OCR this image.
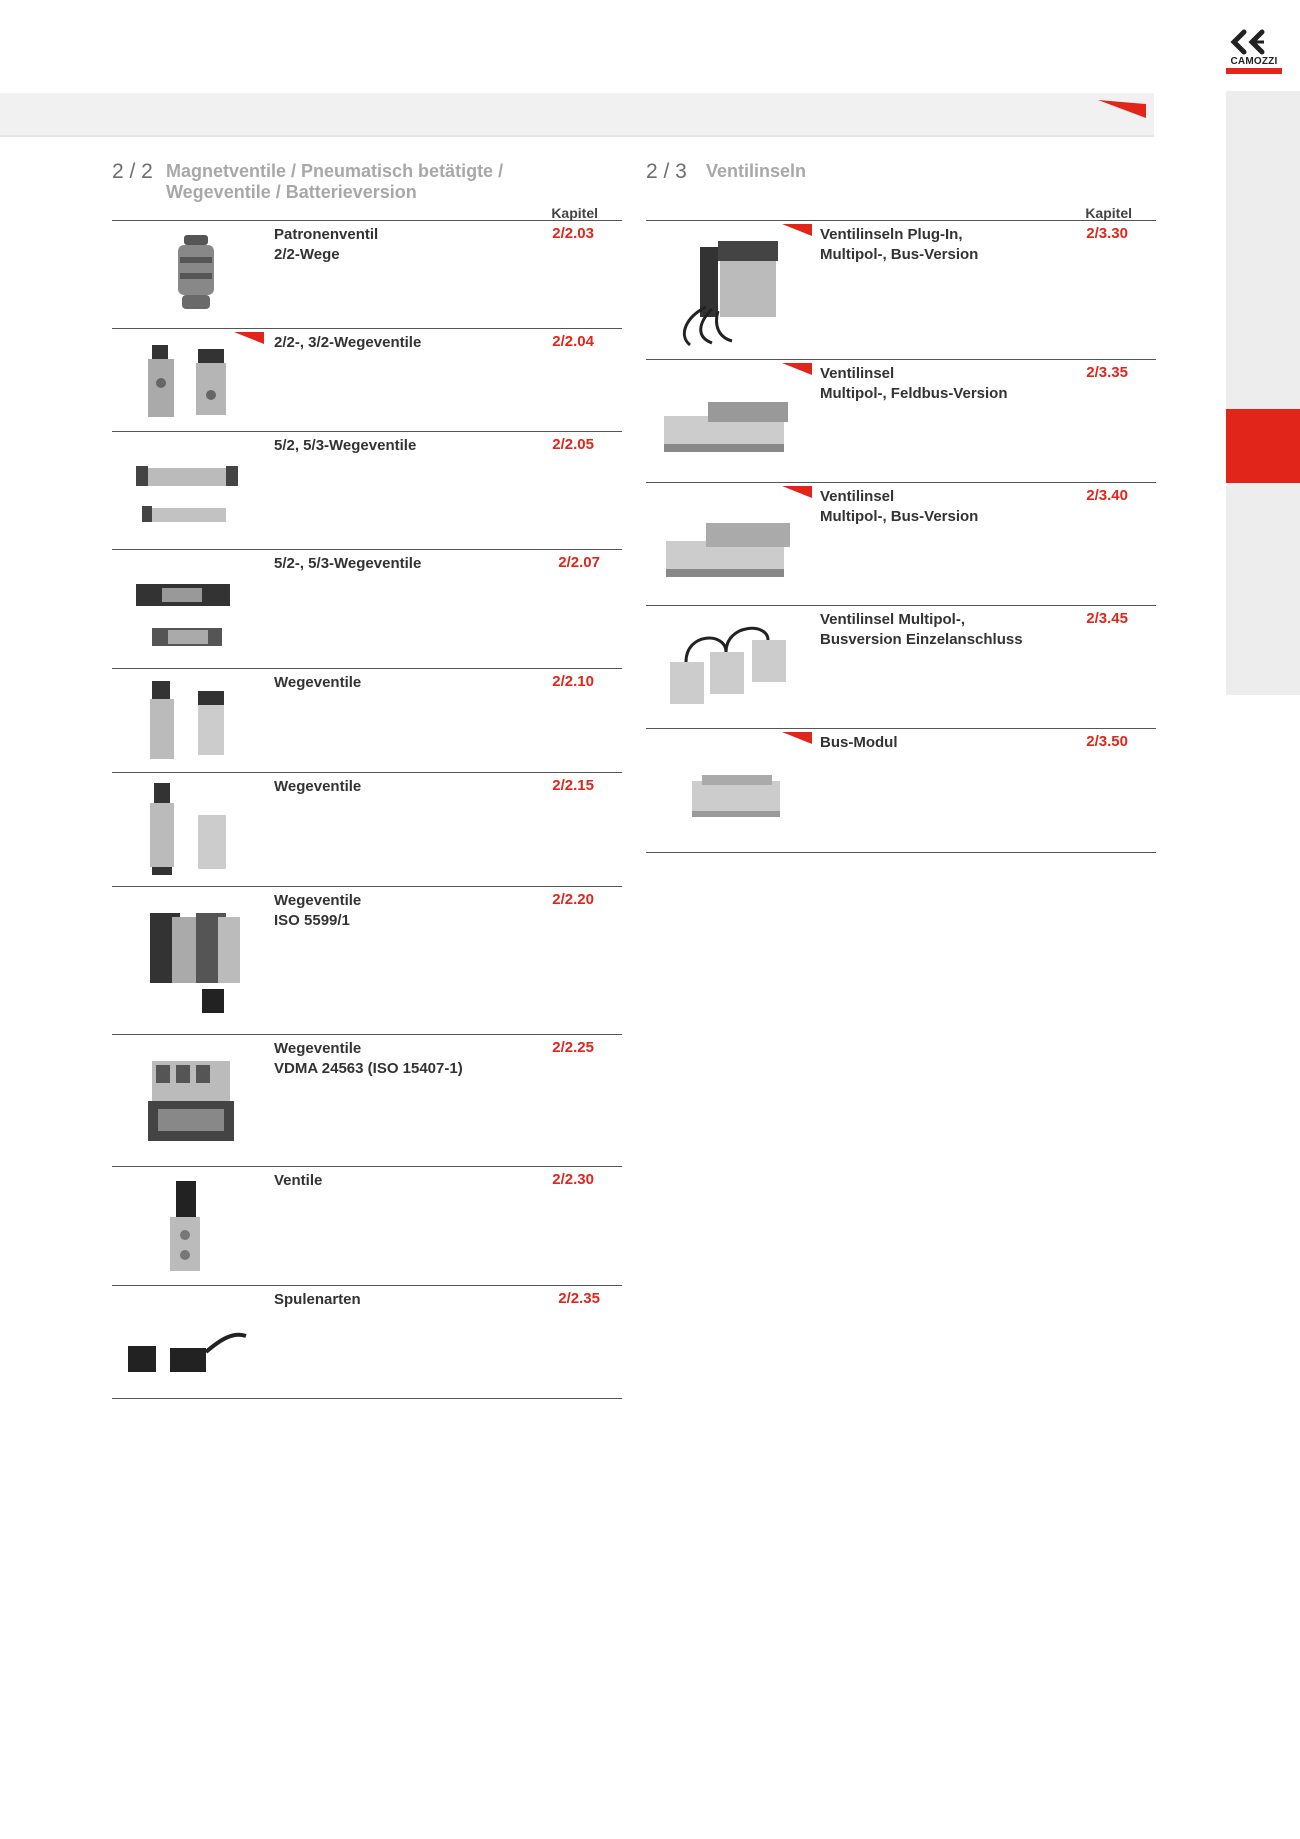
CAMOZZI
2 / 2 Magnetventile / Pneumatisch betätigte /
Wegeventile / Batterieversion
Kapitel
Patronenventil
2/2-Wege
2/2.03
2/2-, 3/2-Wegeventile	2/2.04
5/2, 5/3-Wegeventile	2/2.05
5/2-, 5/3-Wegeventile	2/2.07
Wegeventile	2/2.10
Wegeventile	2/2.15
Wegeventile
ISO 5599/1
2/2.20
Wegeventile
VDMA 24563 (ISO 15407-1)
2/2.25
Ventile	2/2.30
Spulenarten	2/2.35
2 / 3 Ventilinseln
Kapitel
Ventilinseln Plug-In,
Multipol-, Bus-Version
2/3.30
Ventilinsel
Multipol-, Feldbus-Version
2/3.35
Ventilinsel
Multipol-, Bus-Version
2/3.40
Ventilinsel Multipol-,
Busversion Einzelanschluss
2/3.45
Bus-Modul	2/3.50
